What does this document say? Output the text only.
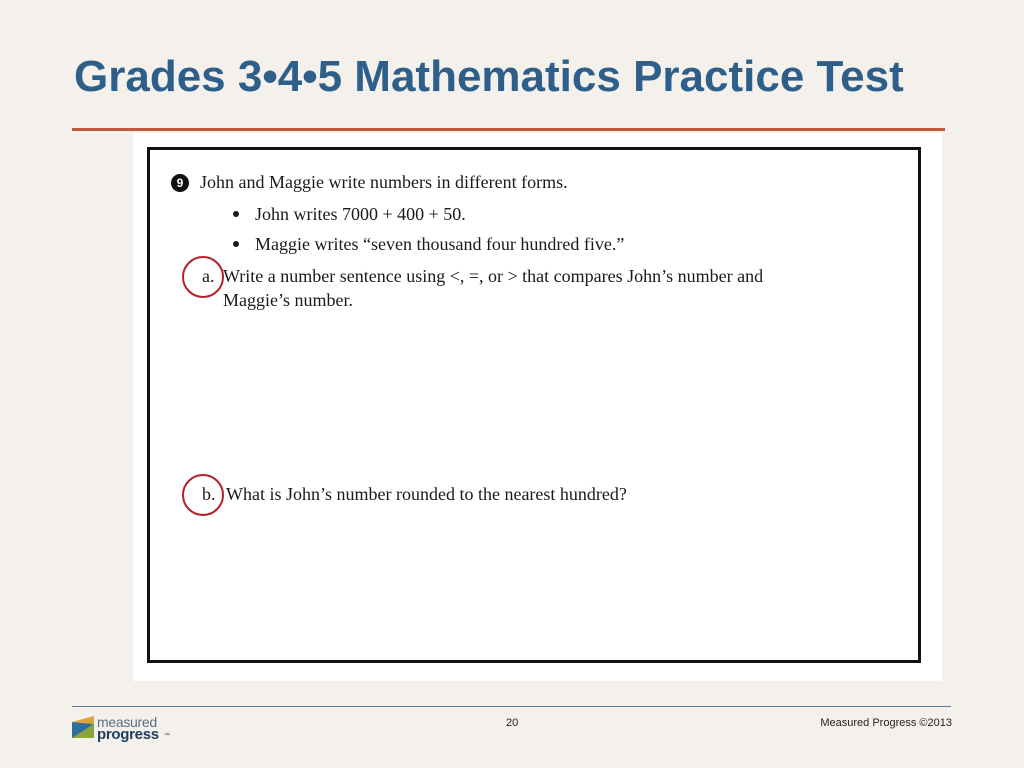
Grades 3•4•5 Mathematics Practice Test
9 John and Maggie write numbers in different forms.
John writes 7000 + 400 + 50.
Maggie writes “seven thousand four hundred five.”
a. Write a number sentence using <, =, or > that compares John’s number and
Maggie’s number.
b. What is John’s number rounded to the nearest hundred?
measured
progress ™
20	Measured Progress ©2013
